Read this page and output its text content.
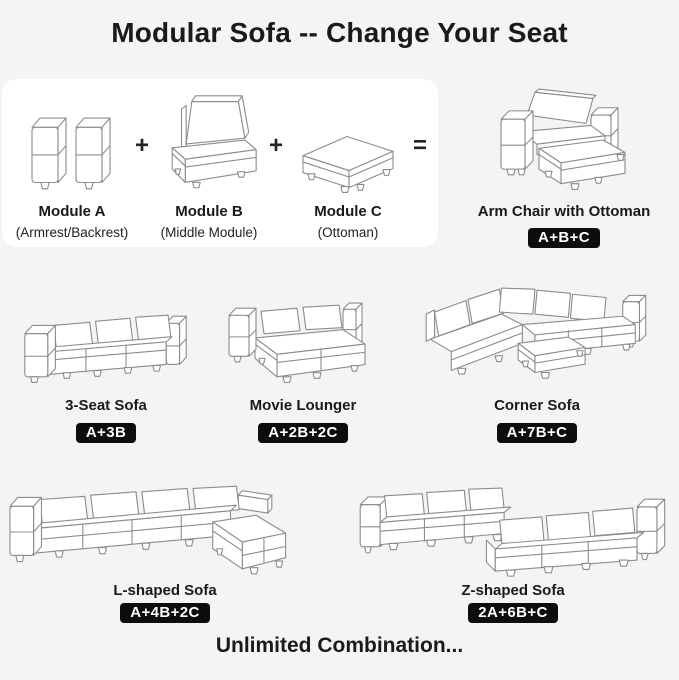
Modular Sofa -- Change Your Seat
Module A
(Armrest/Backrest)
+
Module B
(Middle Module)
+
Module C
(Ottoman)
=
Arm Chair with Ottoman
A+B+C
3-Seat Sofa
A+3B
Movie Lounger
A+2B+2C
Corner Sofa
A+7B+C
L-shaped Sofa
A+4B+2C
Z-shaped Sofa
2A+6B+C
Unlimited Combination...
